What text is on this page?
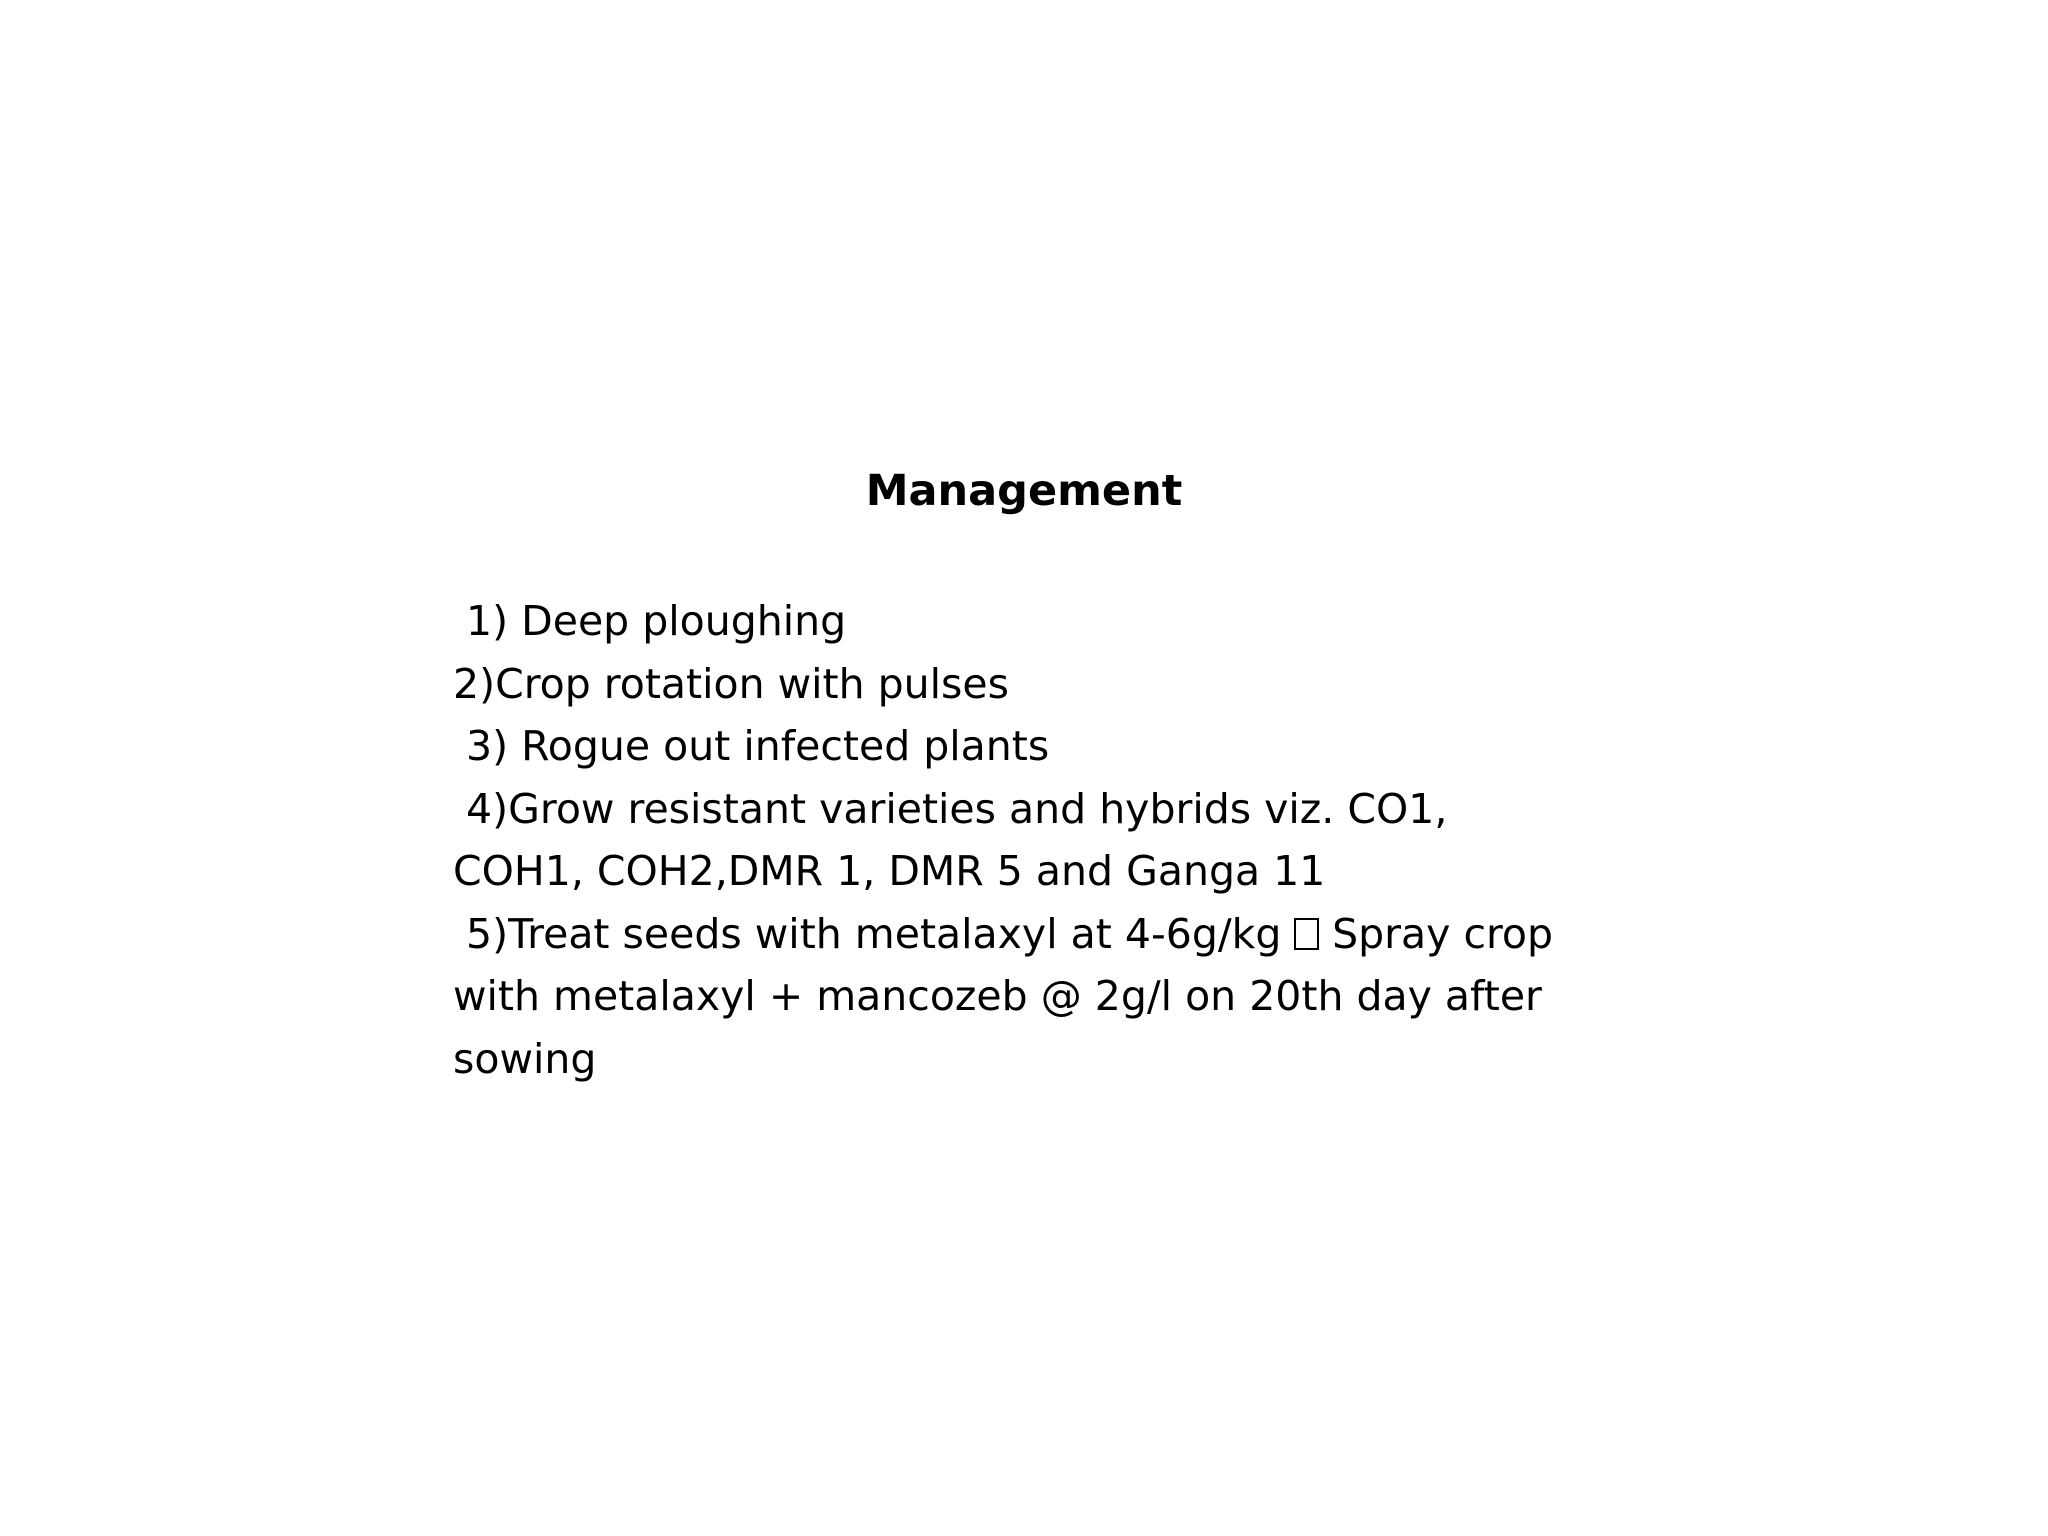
Management
1) Deep ploughing
2)Crop rotation with pulses
3) Rogue out infected plants
4)Grow resistant varieties and hybrids viz. CO1,
COH1, COH2,DMR 1, DMR 5 and Ganga 11
5)Treat seeds with metalaxyl at 4-6g/kg  Spray crop
with metalaxyl + mancozeb @ 2g/l on 20th day after
sowing
